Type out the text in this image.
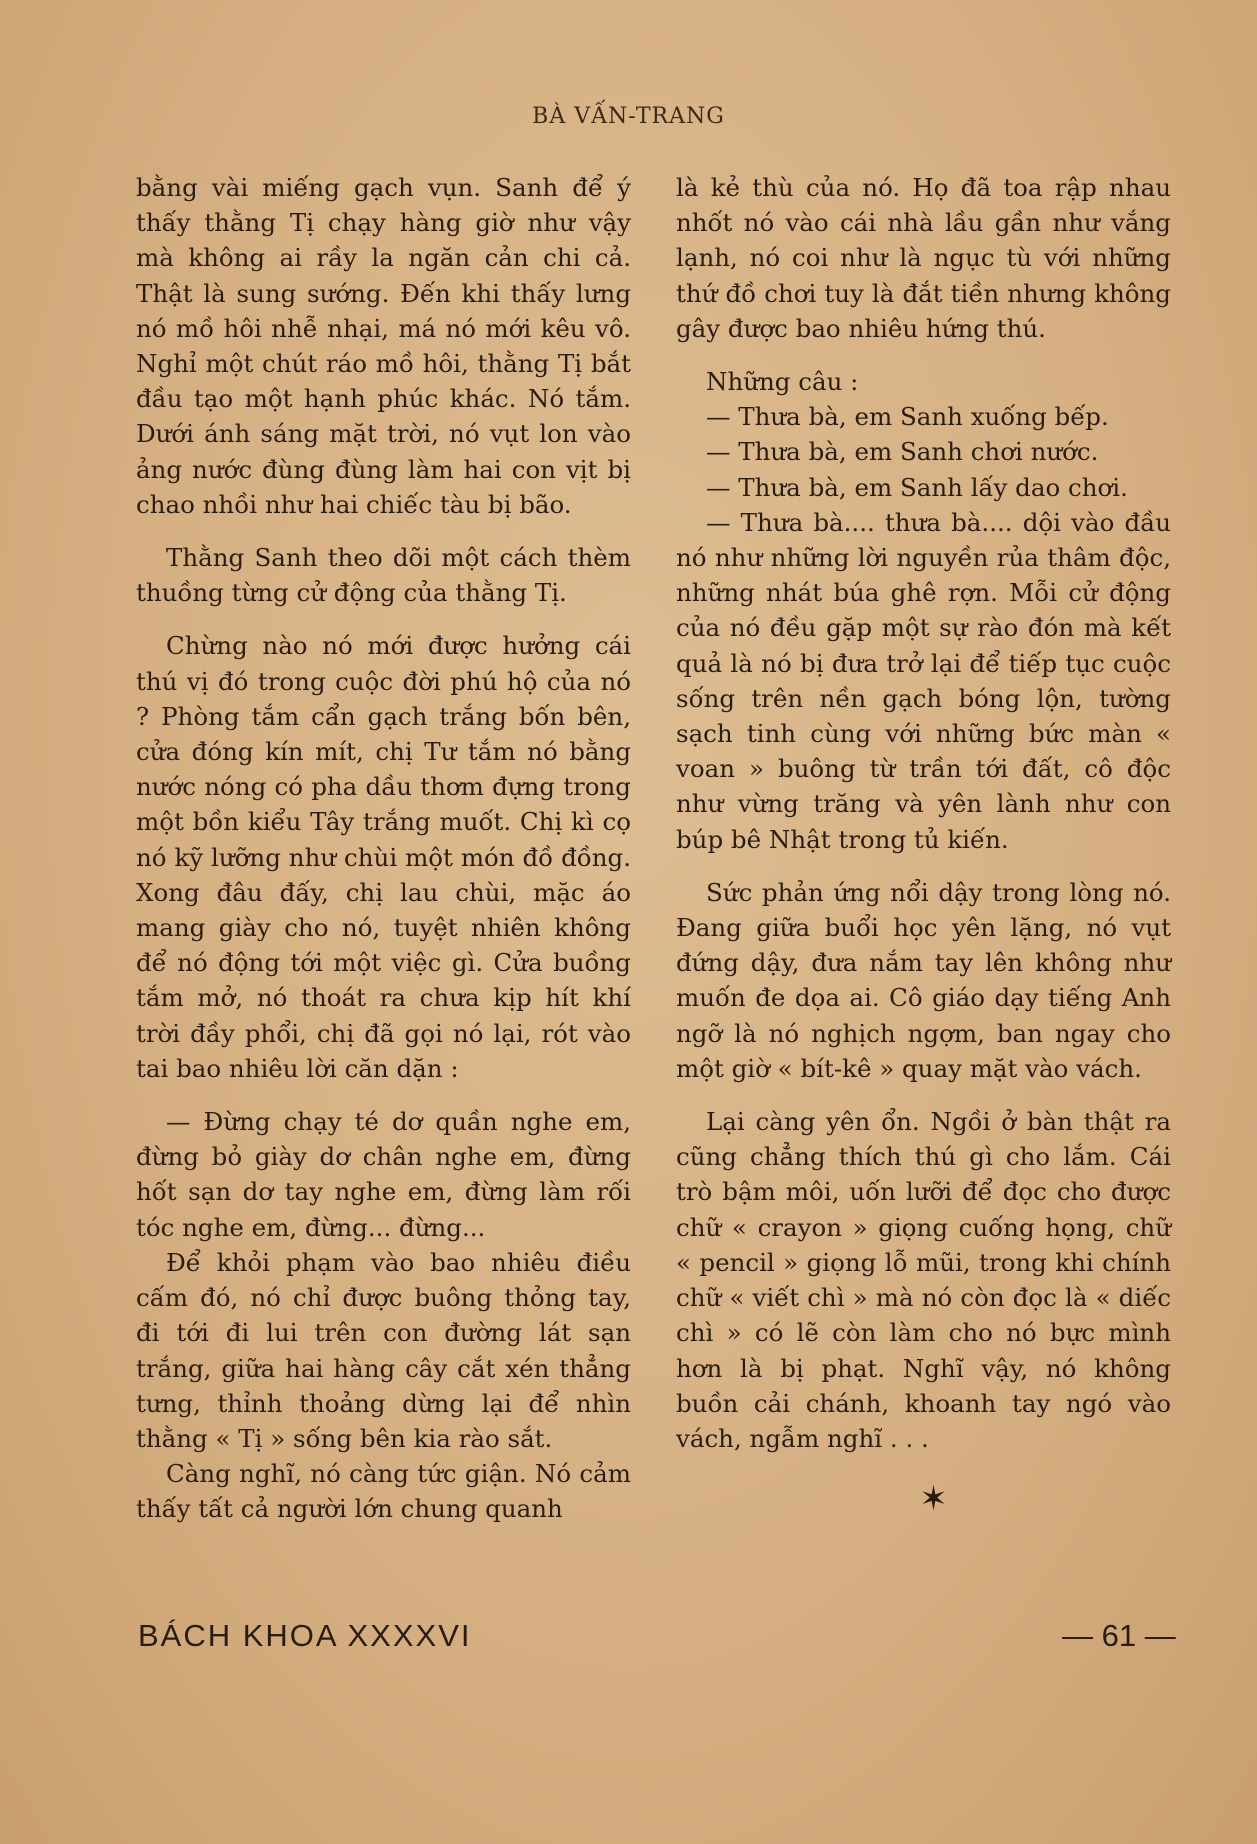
BÀ VẤN-TRANG

bằng vài miếng gạch vụn. Sanh để ý thấy thằng Tị chạy hàng giờ như vậy mà không ai rầy la ngăn cản chi cả. Thật là sung sướng. Đến khi thấy lưng nó mồ hôi nhễ nhại, má nó mới kêu vô. Nghỉ một chút ráo mồ hôi, thằng Tị bắt đầu tạo một hạnh phúc khác. Nó tắm. Dưới ánh sáng mặt trời, nó vụt lon vào ảng nước đùng đùng làm hai con vịt bị chao nhồi như hai chiếc tàu bị bão.

Thằng Sanh theo dõi một cách thèm thuồng từng cử động của thằng Tị.

Chừng nào nó mới được hưởng cái thú vị đó trong cuộc đời phú hộ của nó ? Phòng tắm cẩn gạch trắng bốn bên, cửa đóng kín mít, chị Tư tắm nó bằng nước nóng có pha dầu thơm đựng trong một bồn kiểu Tây trắng muốt. Chị kì cọ nó kỹ lưỡng như chùi một món đồ đồng. Xong đâu đấy, chị lau chùi, mặc áo mang giày cho nó, tuyệt nhiên không để nó động tới một việc gì. Cửa buồng tắm mở, nó thoát ra chưa kịp hít khí trời đầy phổi, chị đã gọi nó lại, rót vào tai bao nhiêu lời căn dặn :

— Đừng chạy té dơ quần nghe em, đừng bỏ giày dơ chân nghe em, đừng hốt sạn dơ tay nghe em, đừng làm rối tóc nghe em, đừng... đừng...

Để khỏi phạm vào bao nhiêu điều cấm đó, nó chỉ được buông thỏng tay, đi tới đi lui trên con đường lát sạn trắng, giữa hai hàng cây cắt xén thẳng tưng, thỉnh thoảng dừng lại để nhìn thằng « Tị » sống bên kia rào sắt.

Càng nghĩ, nó càng tức giận. Nó cảm thấy tất cả người lớn chung quanh

là kẻ thù của nó. Họ đã toa rập nhau nhốt nó vào cái nhà lầu gần như vắng lạnh, nó coi như là ngục tù với những thứ đồ chơi tuy là đắt tiền nhưng không gây được bao nhiêu hứng thú.

Những câu :

— Thưa bà, em Sanh xuống bếp.

— Thưa bà, em Sanh chơi nước.

— Thưa bà, em Sanh lấy dao chơi.

— Thưa bà.... thưa bà.... dội vào đầu nó như những lời nguyền rủa thâm độc, những nhát búa ghê rợn. Mỗi cử động của nó đều gặp một sự rào đón mà kết quả là nó bị đưa trở lại để tiếp tục cuộc sống trên nền gạch bóng lộn, tường sạch tinh cùng với những bức màn « voan » buông từ trần tới đất, cô độc như vừng trăng và yên lành như con búp bê Nhật trong tủ kiến.

Sức phản ứng nổi dậy trong lòng nó. Đang giữa buổi học yên lặng, nó vụt đứng dậy, đưa nắm tay lên không như muốn đe dọa ai. Cô giáo dạy tiếng Anh ngỡ là nó nghịch ngợm, ban ngay cho một giờ « bít-kê » quay mặt vào vách.

Lại càng yên ổn. Ngồi ở bàn thật ra cũng chẳng thích thú gì cho lắm. Cái trò bậm môi, uốn lưỡi để đọc cho được chữ « crayon » giọng cuống họng, chữ « pencil » giọng lỗ mũi, trong khi chính chữ « viết chì » mà nó còn đọc là « diếc chì » có lẽ còn làm cho nó bực mình hơn là bị phạt. Nghĩ vậy, nó không buồn cải chánh, khoanh tay ngó vào vách, ngẫm nghĩ . . .

✶
BÁCH KHOA XXXXVI	— 61 —
